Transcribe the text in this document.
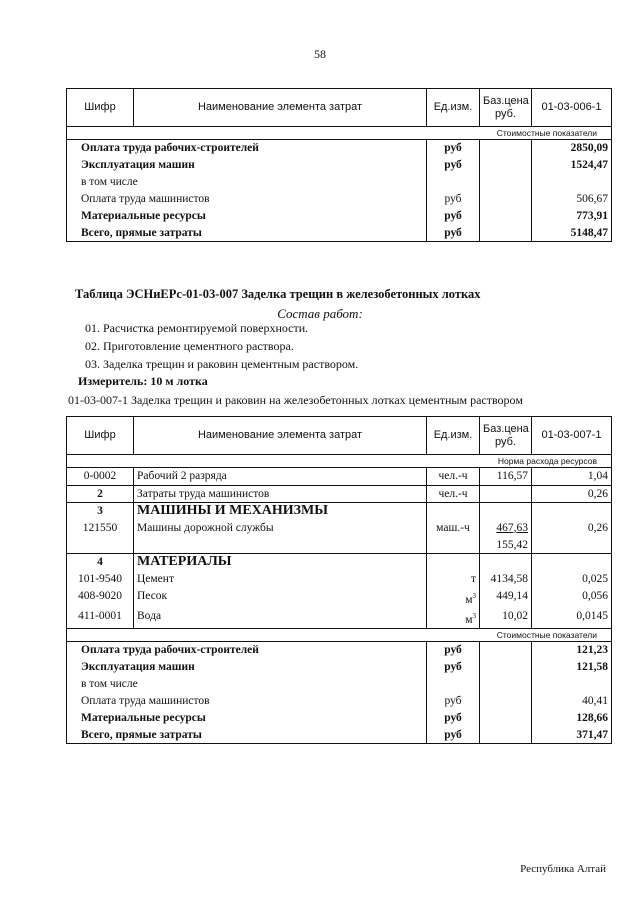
58
Шифр	Наименование элемента затрат	Ед.изм.	Баз.цена
руб.	01-03-006-1
Стоимостные показатели				
Оплата труда рабочих-строителей		руб		2850,09
Эксплуатация машин		руб		1524,47
в том числе				
Оплата труда машинистов		руб		506,67
Материальные ресурсы		руб		773,91
Всего, прямые затраты		руб		5148,47
Таблица ЭСНиЕРс-01-03-007 Заделка трещин в железобетонных лотках
Состав работ:
01. Расчистка ремонтируемой поверхности.
02. Приготовление цементного раствора.
03. Заделка трещин и раковин цементным раствором.
Измеритель: 10 м лотка
01-03-007-1 Заделка трещин и раковин на железобетонных лотках цементным раствором
Шифр	Наименование элемента затрат	Ед.изм.	Баз.цена
руб.	01-03-007-1
Норма расхода ресурсов				
0-0002	Рабочий 2 разряда	чел.-ч	116,57	1,04
2	Затраты труда машинистов	чел.-ч		0,26
3	МАШИНЫ И МЕХАНИЗМЫ			
121550	Машины дорожной службы	маш.-ч	467,63	0,26
			155,42	
4	МАТЕРИАЛЫ			
101-9540	Цемент	т	4134,58	0,025
408-9020	Песок	$м^3$	449,14	0,056
411-0001	Вода	$м^3$	10,02	0,0145
Стоимостные показатели				
Оплата труда рабочих-строителей		руб		121,23
Эксплуатация машин		руб		121,58
в том числе				
Оплата труда машинистов		руб		40,41
Материальные ресурсы		руб		128,66
Всего, прямые затраты		руб		371,47
Республика Алтай
